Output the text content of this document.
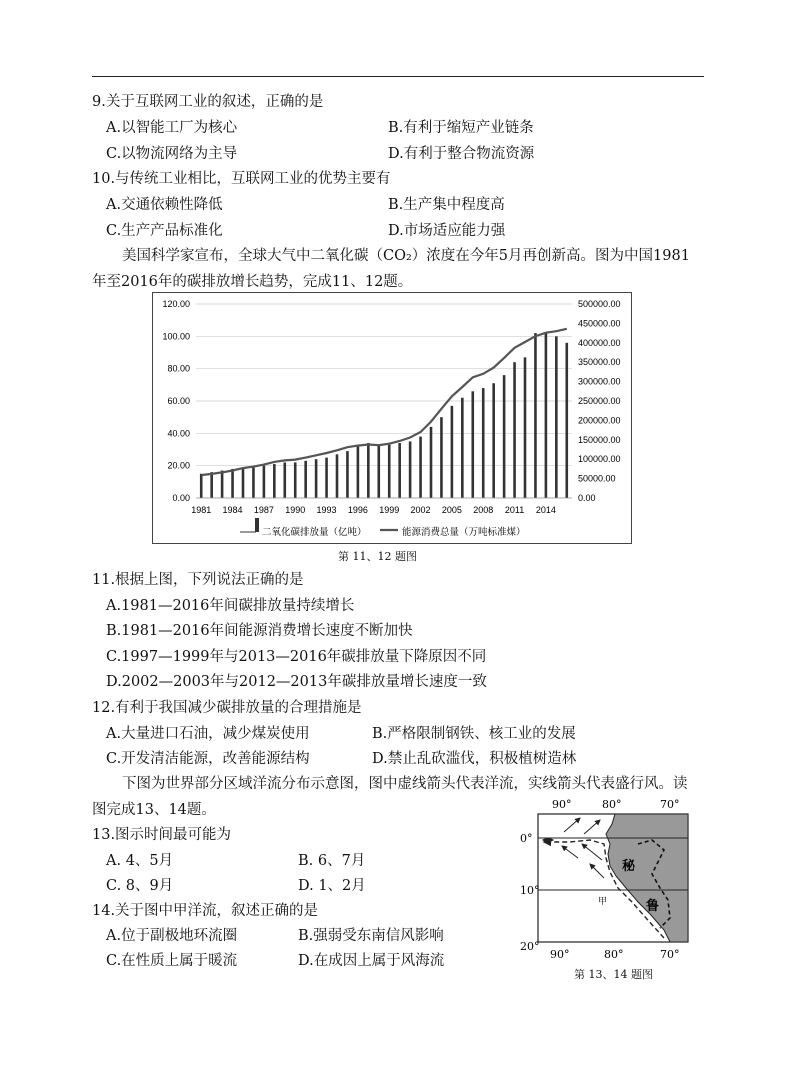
9.关于互联网工业的叙述，正确的是
A.以智能工厂为核心	B.有利于缩短产业链条
C.以物流网络为主导	D.有利于整合物流资源
10.与传统工业相比，互联网工业的优势主要有
A.交通依赖性降低	B.生产集中程度高
C.生产产品标准化	D.市场适应能力强
美国科学家宣布，全球大气中二氧化碳（CO₂）浓度在今年5月再创新高。图为中国1981
年至2016年的碳排放增长趋势，完成11、12题。
0.00
20.00
40.00
60.00
80.00
100.00
120.00
0.00
50000.00
100000.00
150000.00
200000.00
250000.00
300000.00
350000.00
400000.00
450000.00
500000.00
1981 1984 1987 1990 1993 1996 1999 2002 2005 2008 2011 2014
二氧化碳排放量（亿吨）	能源消费总量（万吨标准煤）
第 11、12 题图
11.根据上图，下列说法正确的是
A.1981—2016年间碳排放量持续增长
B.1981—2016年间能源消费增长速度不断加快
C.1997—1999年与2013—2016年碳排放量下降原因不同
D.2002—2003年与2012—2013年碳排放量增长速度一致
12.有利于我国减少碳排放量的合理措施是
A.大量进口石油，减少煤炭使用	B.严格限制钢铁、核工业的发展
C.开发清洁能源，改善能源结构	D.禁止乱砍滥伐，积极植树造林
下图为世界部分区域洋流分布示意图，图中虚线箭头代表洋流，实线箭头代表盛行风。读
图完成13、14题。
13.图示时间最可能为
A. 4、5月	B. 6、7月
C. 8、9月	D. 1、2月
14.关于图中甲洋流，叙述正确的是
A.位于副极地环流圈	B.强弱受东南信风影响
C.在性质上属于暖流	D.在成因上属于风海流
90°	80°	70°
0°
10°
20°
秘
鲁
甲
90°	80°	70°
第 13、14 题图
